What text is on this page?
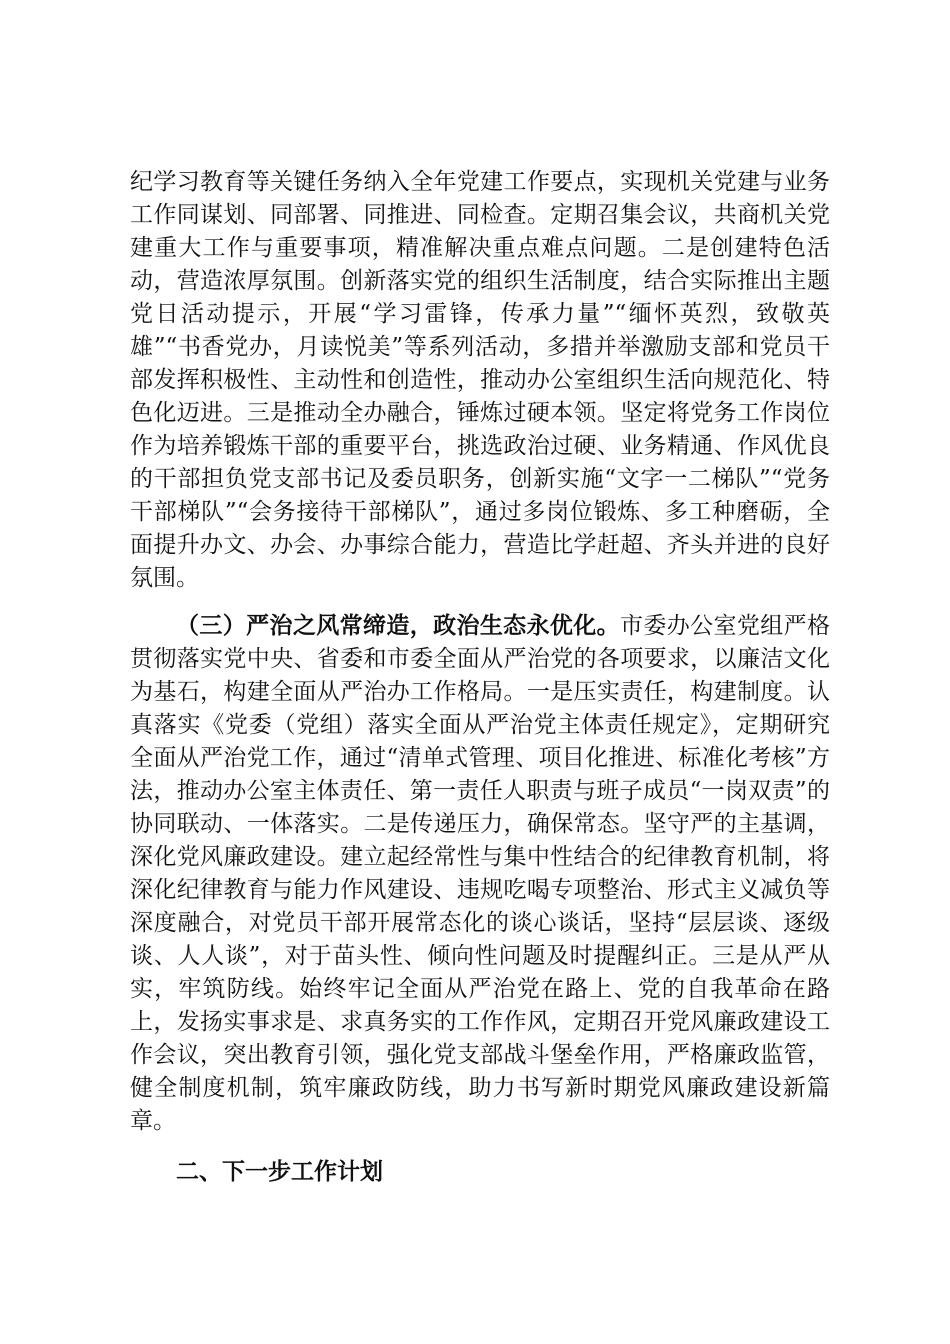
纪学习教育等关键任务纳入全年党建工作要点，实现机关党建与业务工作同谋划、同部署、同推进、同检查。定期召集会议，共商机关党建重大工作与重要事项，精准解决重点难点问题。二是创建特色活动，营造浓厚氛围。创新落实党的组织生活制度，结合实际推出主题党日活动提示，开展“学习雷锋，传承力量”“缅怀英烈，致敬英雄”“书香党办，月读悦美”等系列活动，多措并举激励支部和党员干部发挥积极性、主动性和创造性，推动办公室组织生活向规范化、特色化迈进。三是推动全办融合，锤炼过硬本领。坚定将党务工作岗位作为培养锻炼干部的重要平台，挑选政治过硬、业务精通、作风优良的干部担负党支部书记及委员职务，创新实施“文字一二梯队”“党务干部梯队”“会务接待干部梯队”，通过多岗位锻炼、多工种磨砺，全面提升办文、办会、办事综合能力，营造比学赶超、齐头并进的良好氛围。

（三）严治之风常缔造，政治生态永优化。市委办公室党组严格贯彻落实党中央、省委和市委全面从严治党的各项要求，以廉洁文化为基石，构建全面从严治办工作格局。一是压实责任，构建制度。认真落实《党委（党组）落实全面从严治党主体责任规定》，定期研究全面从严治党工作，通过“清单式管理、项目化推进、标准化考核”方法，推动办公室主体责任、第一责任人职责与班子成员“一岗双责”的协同联动、一体落实。二是传递压力，确保常态。坚守严的主基调，深化党风廉政建设。建立起经常性与集中性结合的纪律教育机制，将深化纪律教育与能力作风建设、违规吃喝专项整治、形式主义减负等深度融合，对党员干部开展常态化的谈心谈话，坚持“层层谈、逐级谈、人人谈”，对于苗头性、倾向性问题及时提醒纠正。三是从严从实，牢筑防线。始终牢记全面从严治党在路上、党的自我革命在路上，发扬实事求是、求真务实的工作作风，定期召开党风廉政建设工作会议，突出教育引领，强化党支部战斗堡垒作用，严格廉政监管，健全制度机制，筑牢廉政防线，助力书写新时期党风廉政建设新篇章。

二、下一步工作计划
